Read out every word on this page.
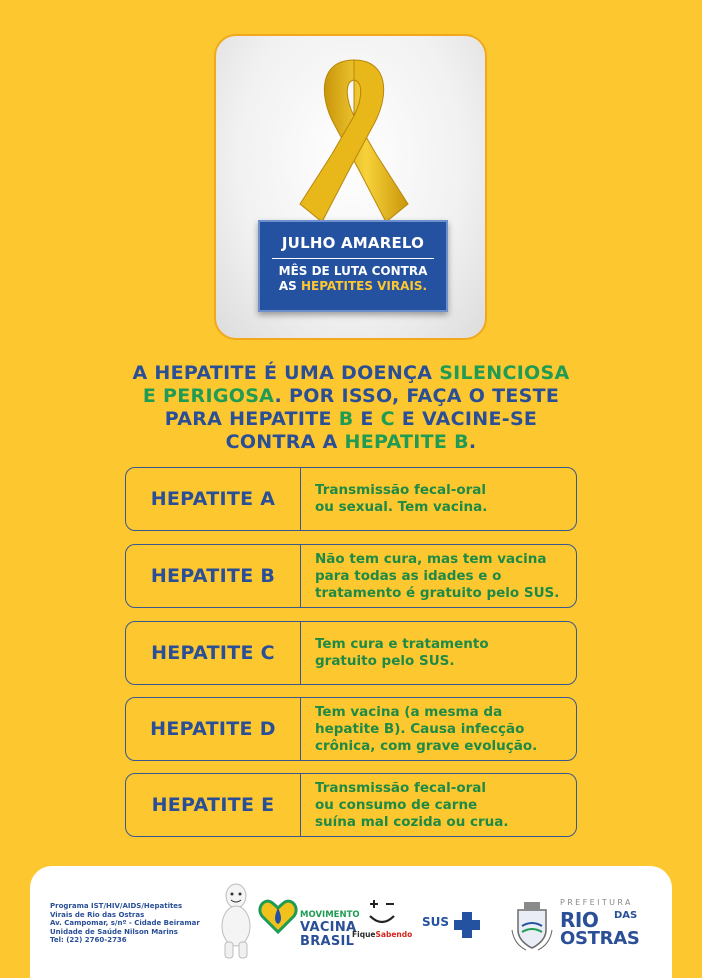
JULHO AMARELO
MÊS DE LUTA CONTRA
AS HEPATITES VIRAIS.
A HEPATITE É UMA DOENÇA SILENCIOSA
E PERIGOSA. POR ISSO, FAÇA O TESTE
PARA HEPATITE B E C E VACINE-SE
CONTRA A HEPATITE B.
HEPATITE A	Transmissão fecal-oral
ou sexual. Tem vacina.
HEPATITE B
Não tem cura, mas tem vacina
para todas as idades e o
tratamento é gratuito pelo SUS.
HEPATITE C	Tem cura e tratamento
gratuito pelo SUS.
HEPATITE D
Tem vacina (a mesma da
hepatite B). Causa infecção
crônica, com grave evolução.
HEPATITE E
Transmissão fecal-oral
ou consumo de carne
suína mal cozida ou crua.
Programa IST/HIV/AIDS/Hepatites
Virais de Rio das Ostras
Av. Campomar, s/nº - Cidade Beiramar
Unidade de Saúde Nilson Marins
Tel: (22) 2760-2736
MOVIMENTO
VACINA
BRASIL
FiqueSabendo
SUS
PREFEITURA
RIO DAS
OSTRAS
